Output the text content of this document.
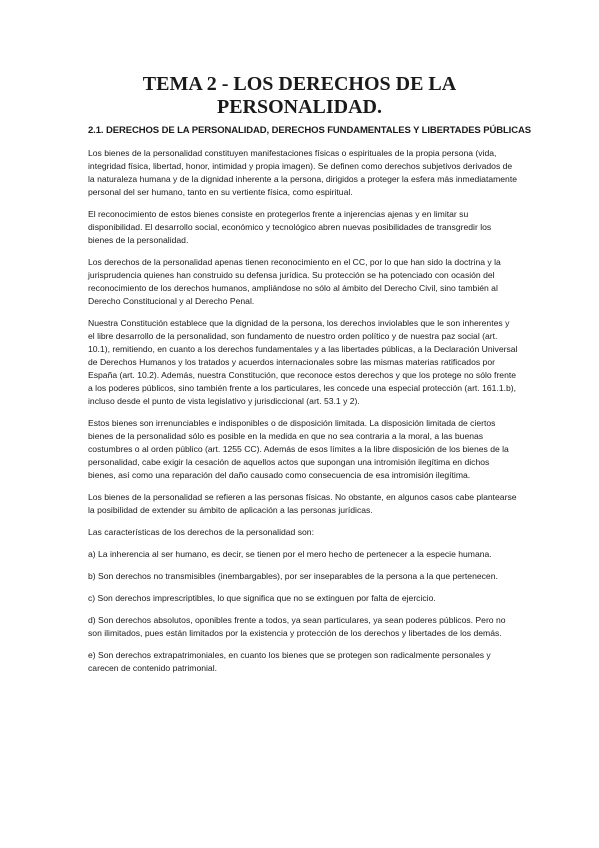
TEMA 2 - LOS DERECHOS DE LA
PERSONALIDAD.
2.1. DERECHOS DE LA PERSONALIDAD, DERECHOS FUNDAMENTALES Y LIBERTADES PÚBLICAS

Los bienes de la personalidad constituyen manifestaciones físicas o espirituales de la propia persona (vida, integridad física, libertad, honor, intimidad y propia imagen). Se definen como derechos subjetivos derivados de la naturaleza humana y de la dignidad inherente a la persona, dirigidos a proteger la esfera más inmediatamente personal del ser humano, tanto en su vertiente física, como espiritual.

El reconocimiento de estos bienes consiste en protegerlos frente a injerencias ajenas y en limitar su disponibilidad. El desarrollo social, económico y tecnológico abren nuevas posibilidades de transgredir los bienes de la personalidad.

Los derechos de la personalidad apenas tienen reconocimiento en el CC, por lo que han sido la doctrina y la jurisprudencia quienes han construido su defensa jurídica. Su protección se ha potenciado con ocasión del reconocimiento de los derechos humanos, ampliándose no sólo al ámbito del Derecho Civil, sino también al Derecho Constitucional y al Derecho Penal.

Nuestra Constitución establece que la dignidad de la persona, los derechos inviolables que le son inherentes y el libre desarrollo de la personalidad, son fundamento de nuestro orden político y de nuestra paz social (art. 10.1), remitiendo, en cuanto a los derechos fundamentales y a las libertades públicas, a la Declaración Universal de Derechos Humanos y los tratados y acuerdos internacionales sobre las mismas materias ratificados por España (art. 10.2). Además, nuestra Constitución, que reconoce estos derechos y que los protege no sólo frente a los poderes públicos, sino también frente a los particulares, les concede una especial protección (art. 161.1.b), incluso desde el punto de vista legislativo y jurisdiccional (art. 53.1 y 2).

Estos bienes son irrenunciables e indisponibles o de disposición limitada. La disposición limitada de ciertos bienes de la personalidad sólo es posible en la medida en que no sea contraria a la moral, a las buenas costumbres o al orden público (art. 1255 CC). Además de esos límites a la libre disposición de los bienes de la personalidad, cabe exigir la cesación de aquellos actos que supongan una intromisión ilegítima en dichos bienes, así como una reparación del daño causado como consecuencia de esa intromisión ilegítima.

Los bienes de la personalidad se refieren a las personas físicas. No obstante, en algunos casos cabe plantearse la posibilidad de extender su ámbito de aplicación a las personas jurídicas.

Las características de los derechos de la personalidad son:

a) La inherencia al ser humano, es decir, se tienen por el mero hecho de pertenecer a la especie humana.

b) Son derechos no transmisibles (inembargables), por ser inseparables de la persona a la que pertenecen.

c) Son derechos imprescriptibles, lo que significa que no se extinguen por falta de ejercicio.

d) Son derechos absolutos, oponibles frente a todos, ya sean particulares, ya sean poderes públicos. Pero no son ilimitados, pues están limitados por la existencia y protección de los derechos y libertades de los demás.

e) Son derechos extrapatrimoniales, en cuanto los bienes que se protegen son radicalmente personales y carecen de contenido patrimonial.
